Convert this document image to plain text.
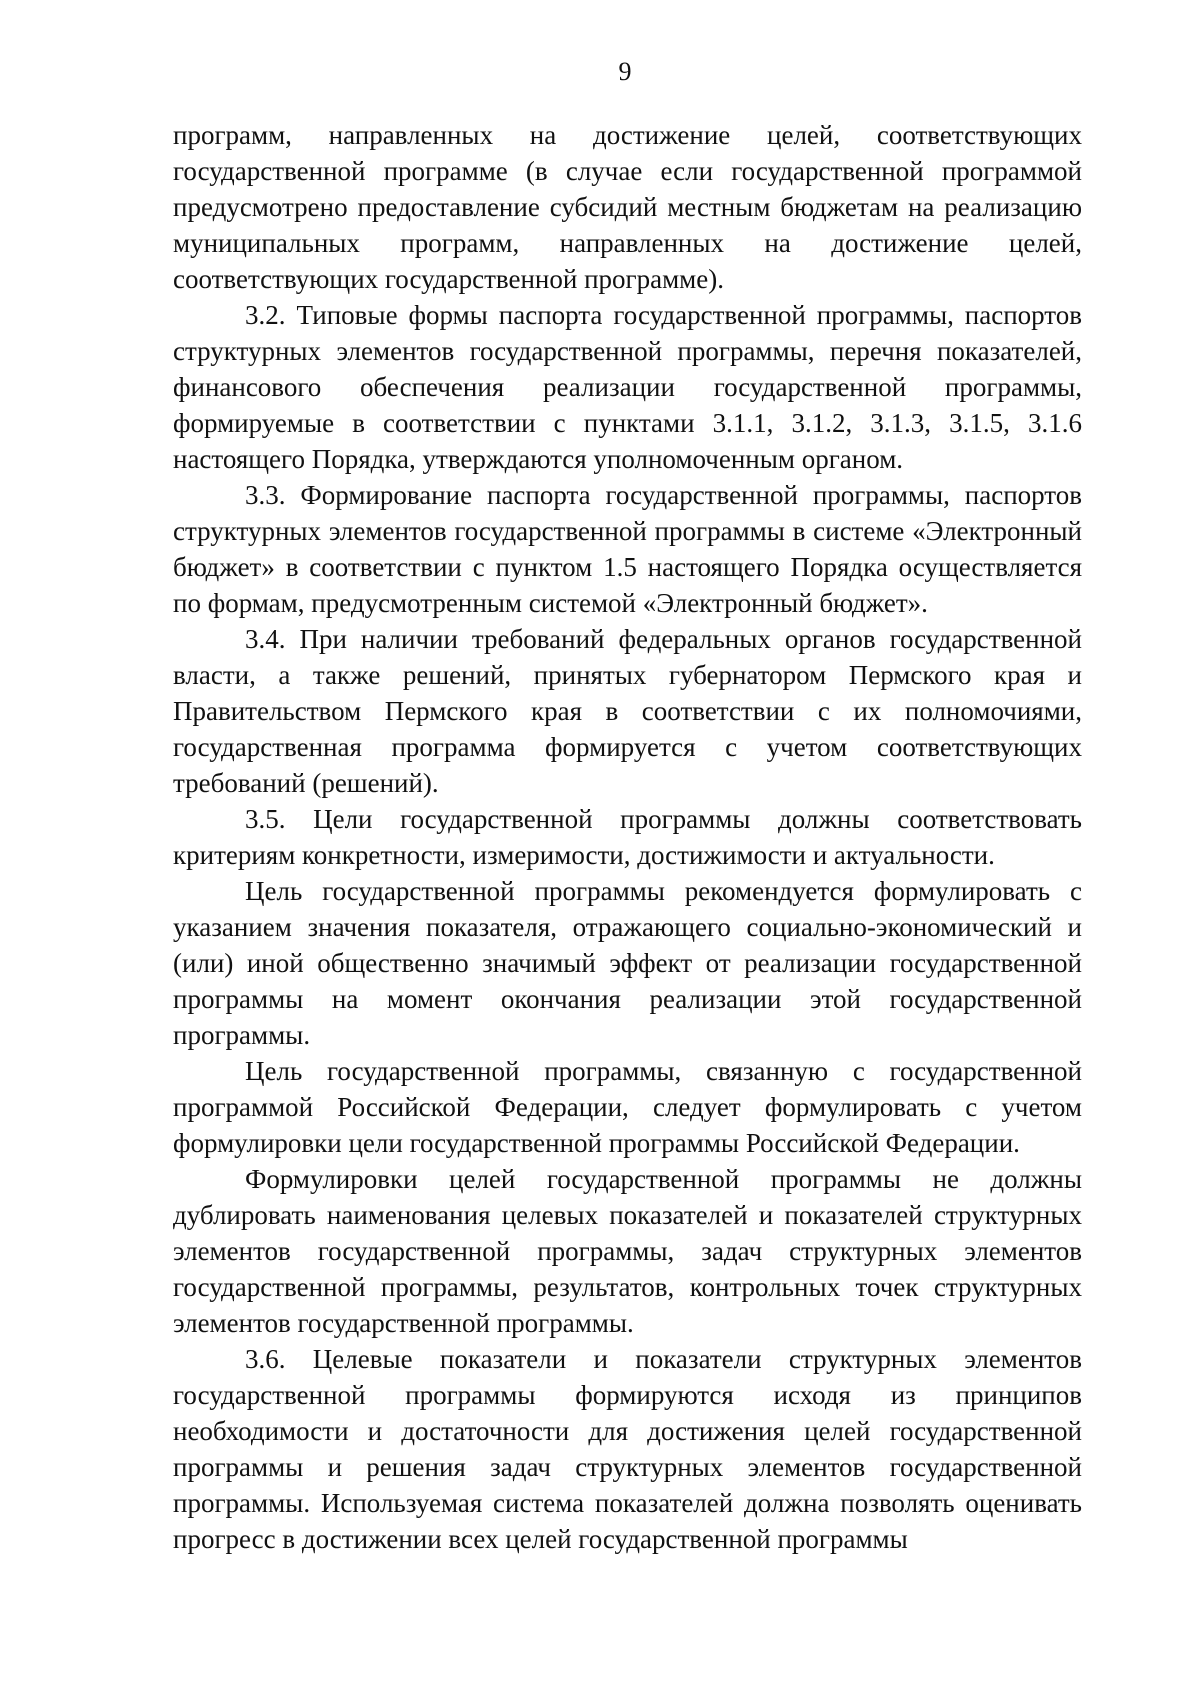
9

программ, направленных на достижение целей, соответствующих государственной программе (в случае если государственной программой предусмотрено предоставление субсидий местным бюджетам на реализацию муниципальных программ, направленных на достижение целей, соответствующих государственной программе).

3.2. Типовые формы паспорта государственной программы, паспортов структурных элементов государственной программы, перечня показателей, финансового обеспечения реализации государственной программы, формируемые в соответствии с пунктами 3.1.1, 3.1.2, 3.1.3, 3.1.5, 3.1.6 настоящего Порядка, утверждаются уполномоченным органом.

3.3. Формирование паспорта государственной программы, паспортов структурных элементов государственной программы в системе «Электронный бюджет» в соответствии с пунктом 1.5 настоящего Порядка осуществляется по формам, предусмотренным системой «Электронный бюджет».

3.4. При наличии требований федеральных органов государственной власти, а также решений, принятых губернатором Пермского края и Правительством Пермского края в соответствии с их полномочиями, государственная программа формируется с учетом соответствующих требований (решений).

3.5. Цели государственной программы должны соответствовать критериям конкретности, измеримости, достижимости и актуальности.

Цель государственной программы рекомендуется формулировать с указанием значения показателя, отражающего социально-экономический и (или) иной общественно значимый эффект от реализации государственной программы на момент окончания реализации этой государственной программы.

Цель государственной программы, связанную с государственной программой Российской Федерации, следует формулировать с учетом формулировки цели государственной программы Российской Федерации.

Формулировки целей государственной программы не должны дублировать наименования целевых показателей и показателей структурных элементов государственной программы, задач структурных элементов государственной программы, результатов, контрольных точек структурных элементов государственной программы.

3.6. Целевые показатели и показатели структурных элементов государственной программы формируются исходя из принципов необходимости и достаточности для достижения целей государственной программы и решения задач структурных элементов государственной программы. Используемая система показателей должна позволять оценивать прогресс в достижении всех целей государственной программы
